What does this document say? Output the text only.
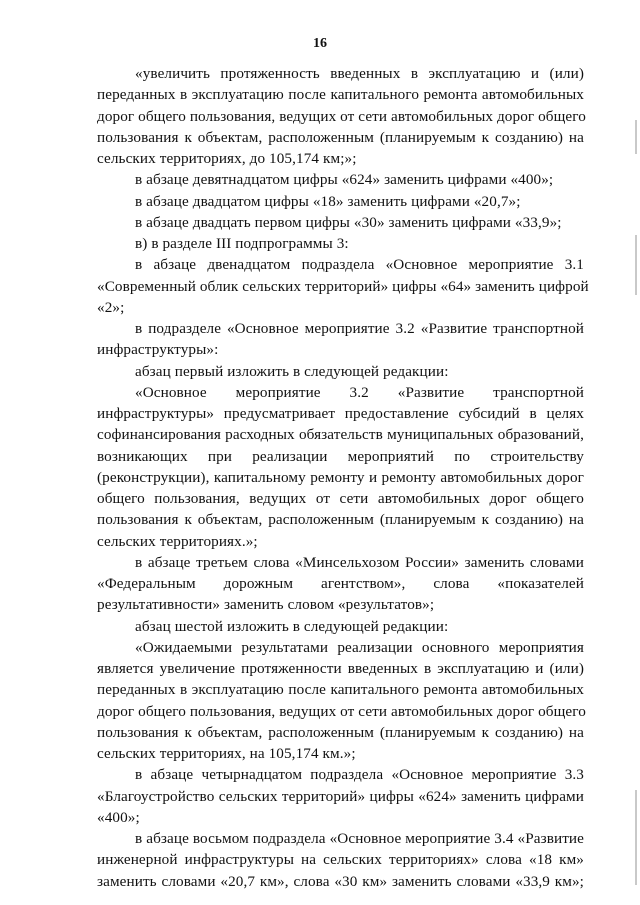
16
«увеличить протяженность введенных в эксплуатацию и (или)
переданных в эксплуатацию после капитального ремонта автомобильных
дорог общего пользования, ведущих от сети автомобильных дорог общего
пользования к объектам, расположенным (планируемым к созданию) на
сельских территориях, до 105,174 км;»;
в абзаце девятнадцатом цифры «624» заменить цифрами «400»;
в абзаце двадцатом цифры «18» заменить цифрами «20,7»;
в абзаце двадцать первом цифры «30» заменить цифрами «33,9»;
в) в разделе III подпрограммы 3:
в абзаце двенадцатом подраздела «Основное мероприятие 3.1
«Современный облик сельских территорий» цифры «64» заменить цифрой
«2»;
в подразделе «Основное мероприятие 3.2 «Развитие транспортной
инфраструктуры»:
абзац первый изложить в следующей редакции:
«Основное мероприятие 3.2 «Развитие транспортной
инфраструктуры» предусматривает предоставление субсидий в целях
софинансирования расходных обязательств муниципальных образований,
возникающих при реализации мероприятий по строительству
(реконструкции), капитальному ремонту и ремонту автомобильных дорог
общего пользования, ведущих от сети автомобильных дорог общего
пользования к объектам, расположенным (планируемым к созданию) на
сельских территориях.»;
в абзаце третьем слова «Минсельхозом России» заменить словами
«Федеральным дорожным агентством», слова «показателей
результативности» заменить словом «результатов»;
абзац шестой изложить в следующей редакции:
«Ожидаемыми результатами реализации основного мероприятия
является увеличение протяженности введенных в эксплуатацию и (или)
переданных в эксплуатацию после капитального ремонта автомобильных
дорог общего пользования, ведущих от сети автомобильных дорог общего
пользования к объектам, расположенным (планируемым к созданию) на
сельских территориях, на 105,174 км.»;
в абзаце четырнадцатом подраздела «Основное мероприятие 3.3
«Благоустройство сельских территорий» цифры «624» заменить цифрами
«400»;
в абзаце восьмом подраздела «Основное мероприятие 3.4 «Развитие
инженерной инфраструктуры на сельских территориях» слова «18 км»
заменить словами «20,7 км», слова «30 км» заменить словами «33,9 км»;
